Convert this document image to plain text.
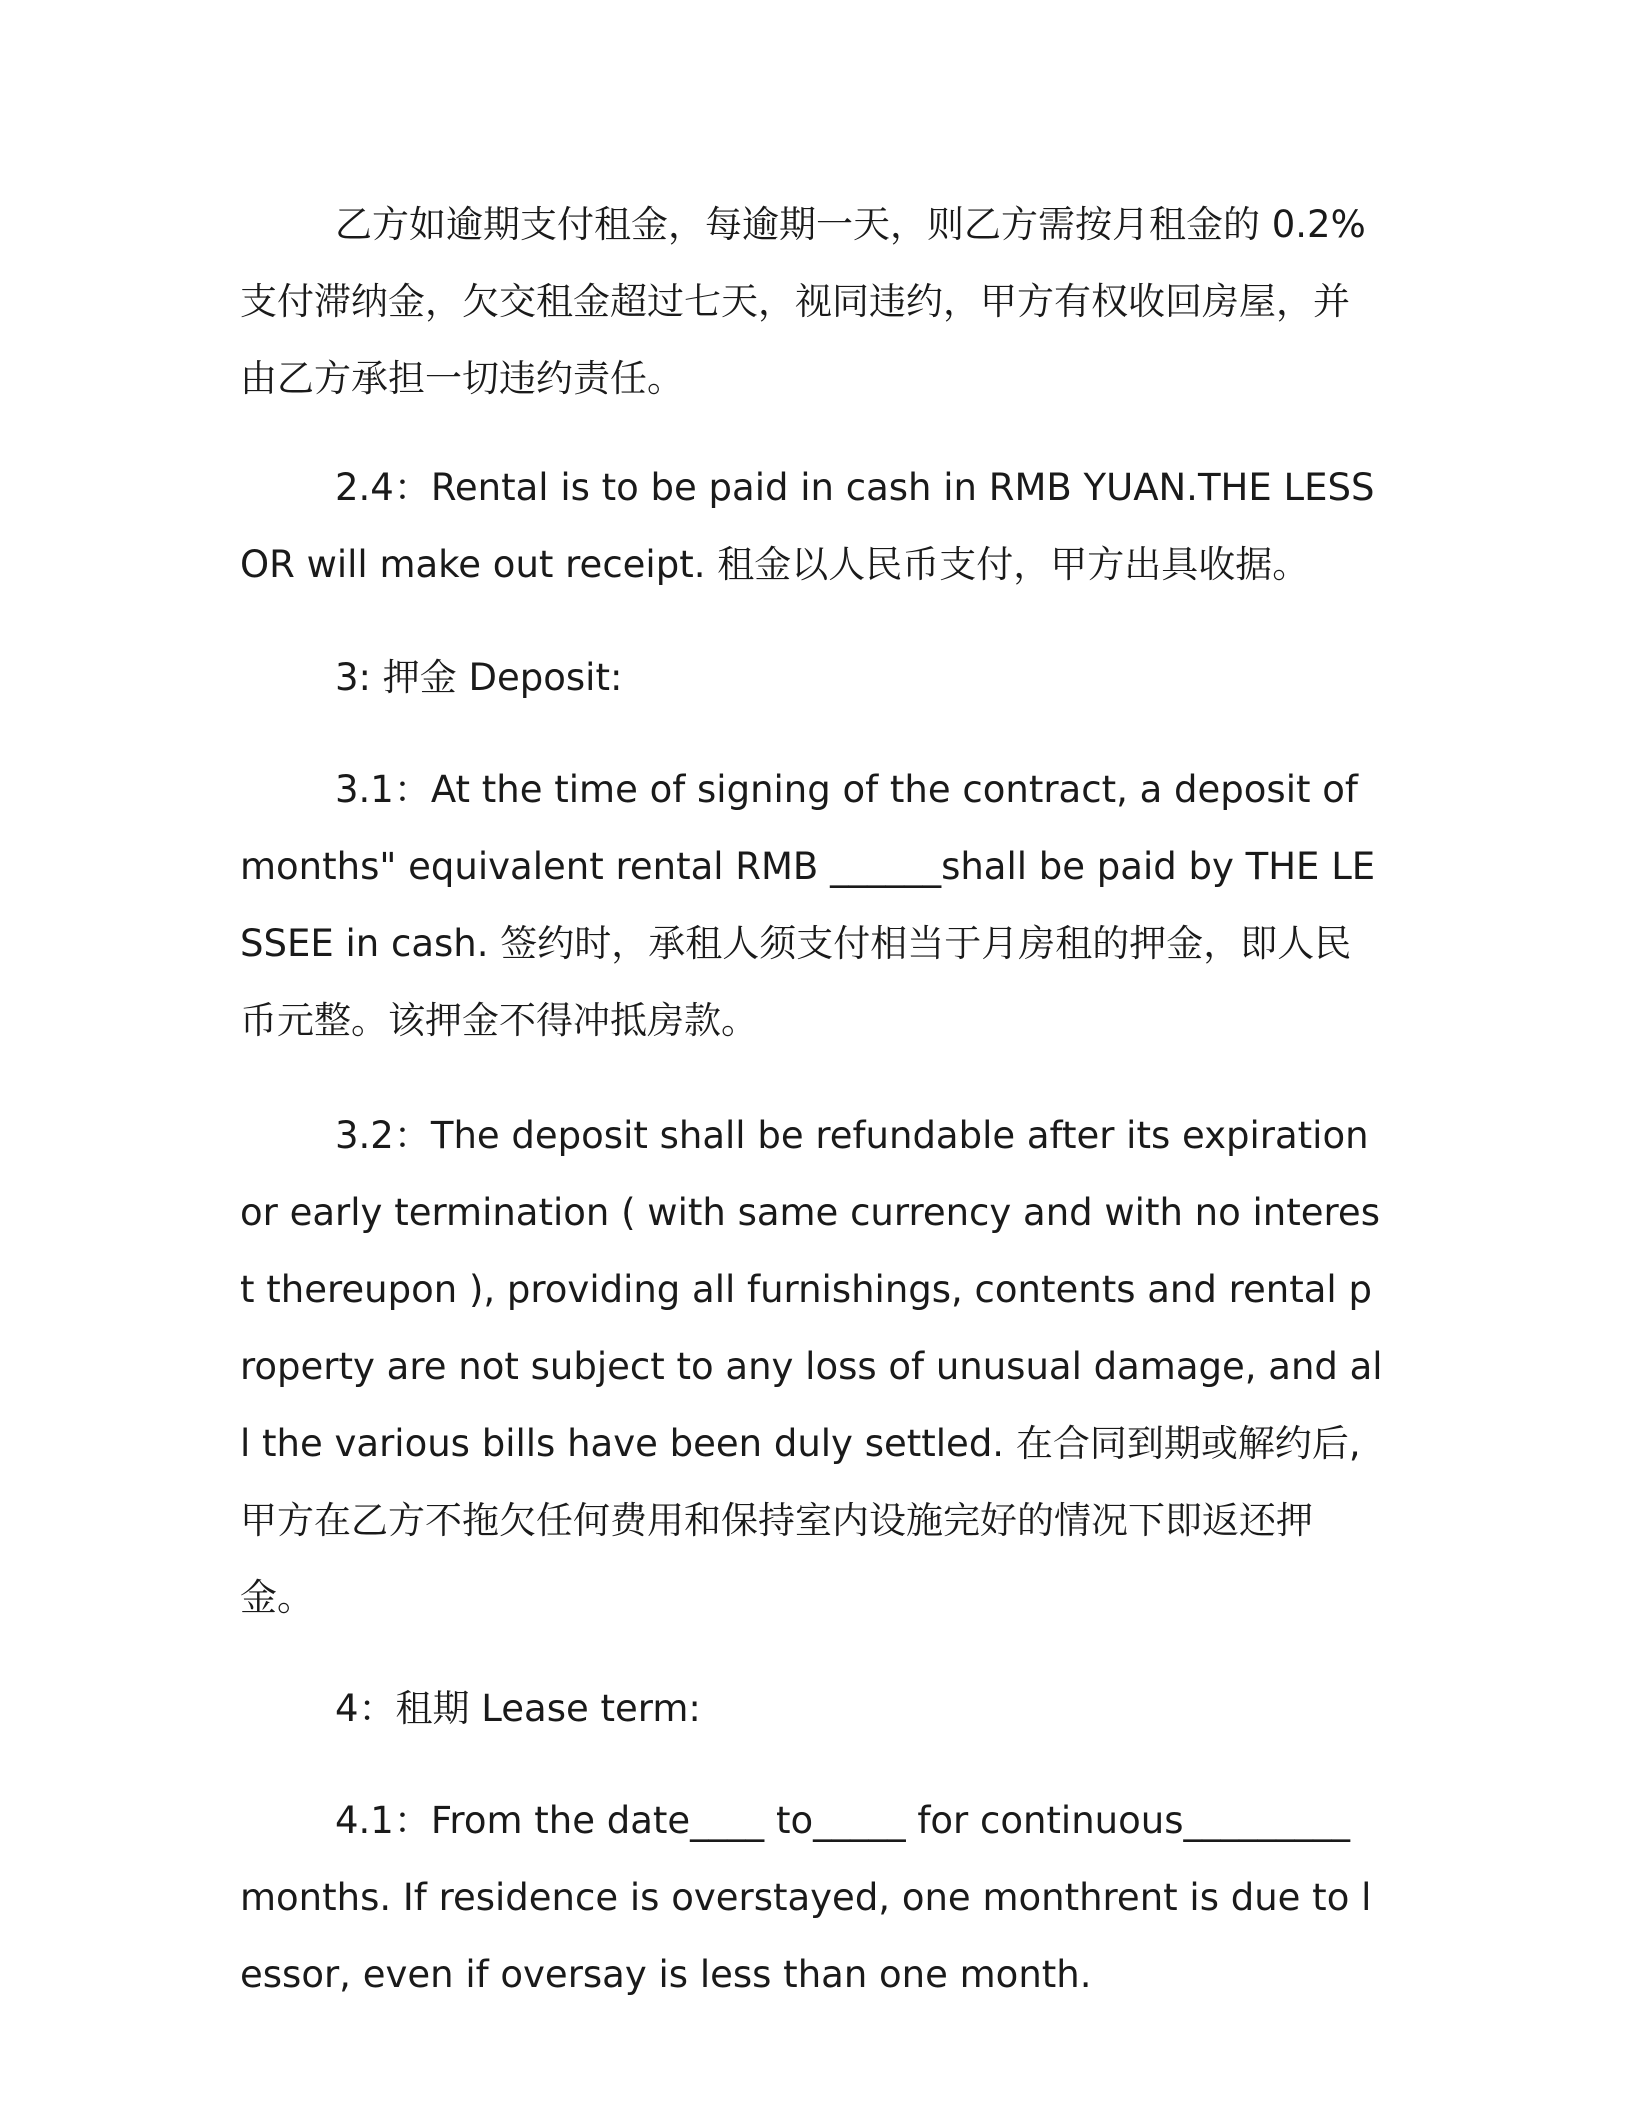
乙方如逾期支付租金，每逾期一天，则乙方需按月租金的 0.2% 支付滞纳金，欠交租金超过七天，视同违约，甲方有权收回房屋，并由乙方承担一切违约责任。

2.4：Rental is to be paid in cash in RMB YUAN.THE LESSOR will make out receipt. 租金以人民币支付，甲方出具收据。

3: 押金 Deposit:

3.1：At the time of signing of the contract, a deposit of months" equivalent rental RMB ______shall be paid by THE LESSEE in cash. 签约时，承租人须支付相当于月房租的押金，即人民币元整。该押金不得冲抵房款。

3.2：The deposit shall be refundable after its expiration or early termination ( with same currency and with no interest thereupon ), providing all furnishings, contents and rental property are not subject to any loss of unusual damage, and all the various bills have been duly settled. 在合同到期或解约后, 甲方在乙方不拖欠任何费用和保持室内设施完好的情况下即返还押金。

4：租期 Lease term:

4.1：From the date____ to_____ for continuous_________ months. If residence is overstayed, one monthrent is due to lessor, even if oversay is less than one month.
